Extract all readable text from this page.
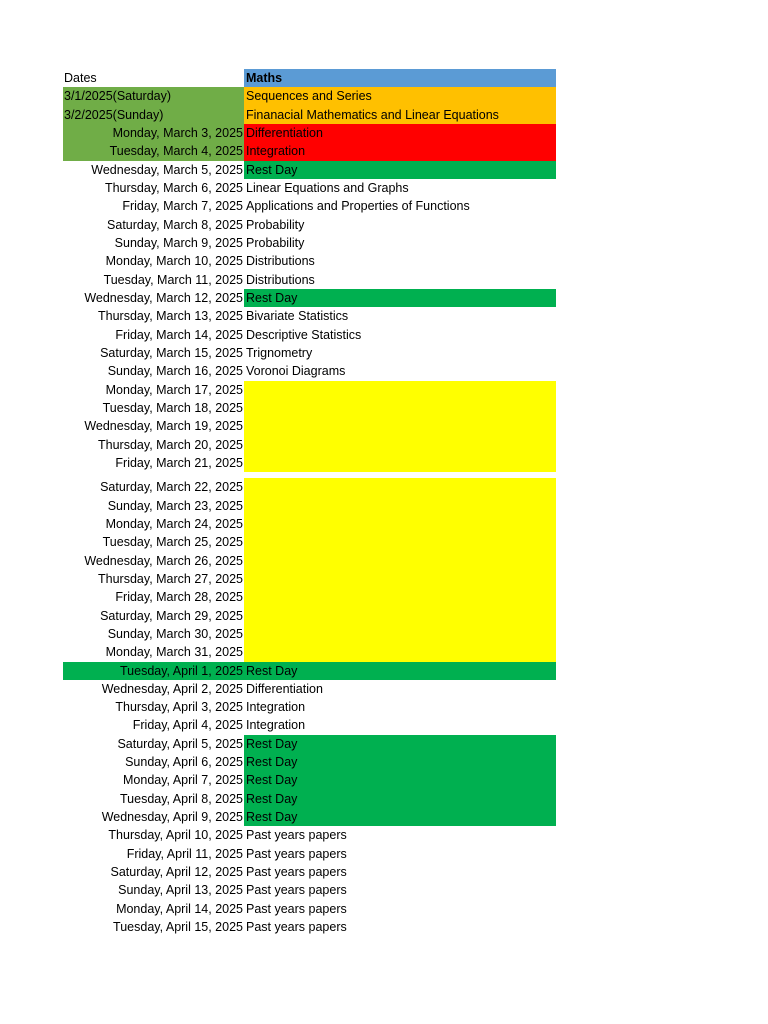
Dates	Maths
3/1/2025(Saturday)	Sequences and Series
3/2/2025(Sunday)	Finanacial Mathematics and Linear Equations
Monday, March 3, 2025 Differentiation
Tuesday, March 4, 2025 Integration
Wednesday, March 5, 2025 Rest Day
Thursday, March 6, 2025 Linear Equations and Graphs
Friday, March 7, 2025 Applications and Properties of Functions
Saturday, March 8, 2025 Probability
Sunday, March 9, 2025 Probability
Monday, March 10, 2025 Distributions
Tuesday, March 11, 2025 Distributions
Wednesday, March 12, 2025 Rest Day
Thursday, March 13, 2025 Bivariate Statistics
Friday, March 14, 2025 Descriptive Statistics
Saturday, March 15, 2025 Trignometry
Sunday, March 16, 2025 Voronoi Diagrams
Monday, March 17, 2025
Tuesday, March 18, 2025
Wednesday, March 19, 2025
Thursday, March 20, 2025
Friday, March 21, 2025
Saturday, March 22, 2025
Sunday, March 23, 2025
Monday, March 24, 2025
Tuesday, March 25, 2025
Wednesday, March 26, 2025
Thursday, March 27, 2025
Friday, March 28, 2025
Saturday, March 29, 2025
Sunday, March 30, 2025
Monday, March 31, 2025
Tuesday, April 1, 2025 Rest Day
Wednesday, April 2, 2025 Differentiation
Thursday, April 3, 2025 Integration
Friday, April 4, 2025 Integration
Saturday, April 5, 2025 Rest Day
Sunday, April 6, 2025 Rest Day
Monday, April 7, 2025 Rest Day
Tuesday, April 8, 2025 Rest Day
Wednesday, April 9, 2025 Rest Day
Thursday, April 10, 2025 Past years papers
Friday, April 11, 2025 Past years papers
Saturday, April 12, 2025 Past years papers
Sunday, April 13, 2025 Past years papers
Monday, April 14, 2025 Past years papers
Tuesday, April 15, 2025 Past years papers
